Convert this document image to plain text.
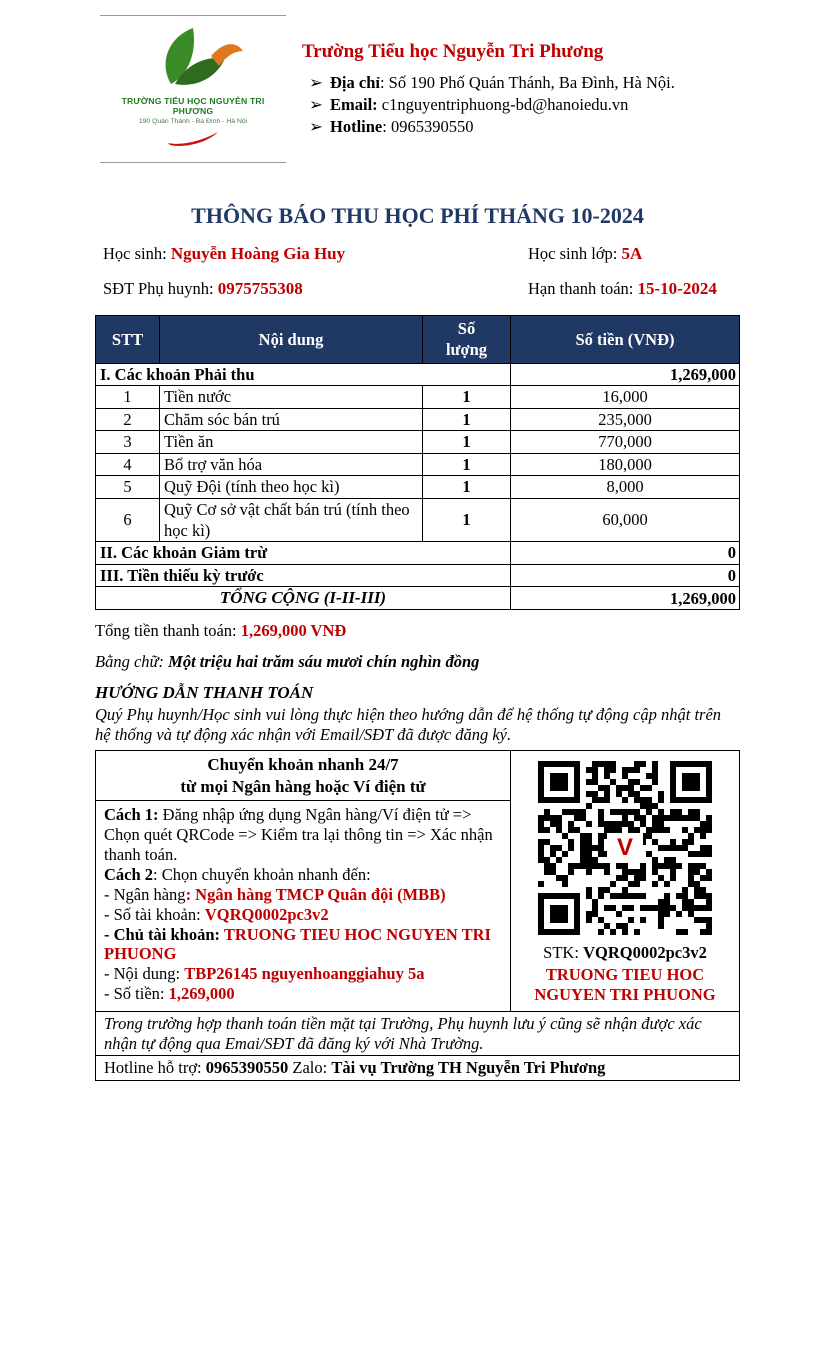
TRƯỜNG TIỂU HỌC NGUYỄN TRI PHƯƠNG
190 Quán Thánh - Ba Đình - Hà Nội
Trường Tiểu học Nguyễn Tri Phương
➢ Địa chỉ: Số 190 Phố Quán Thánh, Ba Đình, Hà Nội.
➢ Email: c1nguyentriphuong-bd@hanoiedu.vn
➢ Hotline: 0965390550
THÔNG BÁO THU HỌC PHÍ THÁNG 10-2024
Học sinh: Nguyễn Hoàng Gia Huy	Học sinh lớp: 5A
SĐT Phụ huynh: 0975755308	Hạn thanh toán: 15-10-2024
STT	Nội dung	Số lượng	Số tiền (VNĐ)
I. Các khoản Phải thu			1,269,000
1	Tiền nước	1	16,000
2	Chăm sóc bán trú	1	235,000
3	Tiền ăn	1	770,000
4	Bổ trợ văn hóa	1	180,000
5	Quỹ Đội (tính theo học kì)	1	8,000
6	Quỹ Cơ sở vật chất bán trú (tính theo học kì)	1	60,000
II. Các khoản Giảm trừ			0
III. Tiền thiếu kỳ trước			0
TỔNG CỘNG (I-II-III)			1,269,000
Tổng tiền thanh toán: 1,269,000 VNĐ
Bằng chữ: Một triệu hai trăm sáu mươi chín nghìn đồng
HƯỚNG DẪN THANH TOÁN
Quý Phụ huynh/Học sinh vui lòng thực hiện theo hướng dẫn để hệ thống tự động cập nhật trên hệ thống và tự động xác nhận với Email/SĐT đã được đăng ký.
Chuyển khoản nhanh 24/7
từ mọi Ngân hàng hoặc Ví điện tử

Cách 1: Đăng nhập ứng dụng Ngân hàng/Ví điện tử => Chọn quét QRCode => Kiểm tra lại thông tin => Xác nhận thanh toán.

Cách 2: Chọn chuyển khoản nhanh đến:

- Ngân hàng: Ngân hàng TMCP Quân đội (MBB)

- Số tài khoản: VQRQ0002pc3v2

- Chủ tài khoản: TRUONG TIEU HOC NGUYEN TRI PHUONG

- Nội dung: TBP26145 nguyenhoanggiahuy 5a

- Số tiền: 1,269,000

V
STK: VQRQ0002pc3v2
TRUONG TIEU HOC NGUYEN TRI PHUONG
Trong trường hợp thanh toán tiền mặt tại Trường, Phụ huynh lưu ý cũng sẽ nhận được xác nhận tự động qua Emai/SĐT đã đăng ký với Nhà Trường.
Hotline hỗ trợ: 0965390550 Zalo: Tài vụ Trường TH Nguyễn Tri Phương
